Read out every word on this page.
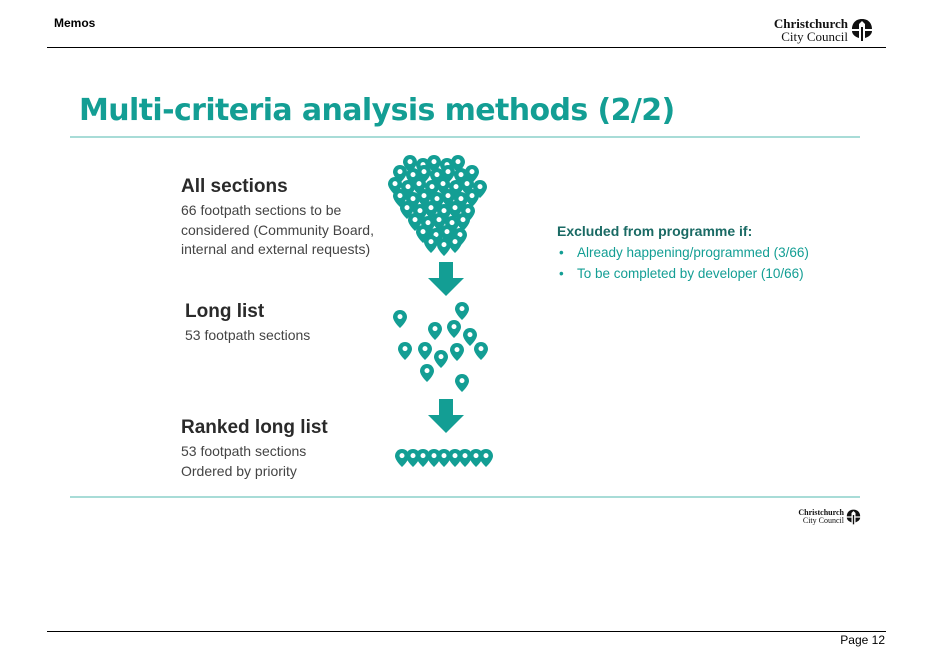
Memos	Christchurch
City Council
Multi-criteria analysis methods (2/2)
All sections

66 footpath sections to be considered (Community Board, internal and external requests)

Long list

53 footpath sections

Ranked long list

53 footpath sections

Ordered by priority

Excluded from programme if:
• Already happening/programmed (3/66)
• To be completed by developer (10/66)
Christchurch
City Council
Page 12
